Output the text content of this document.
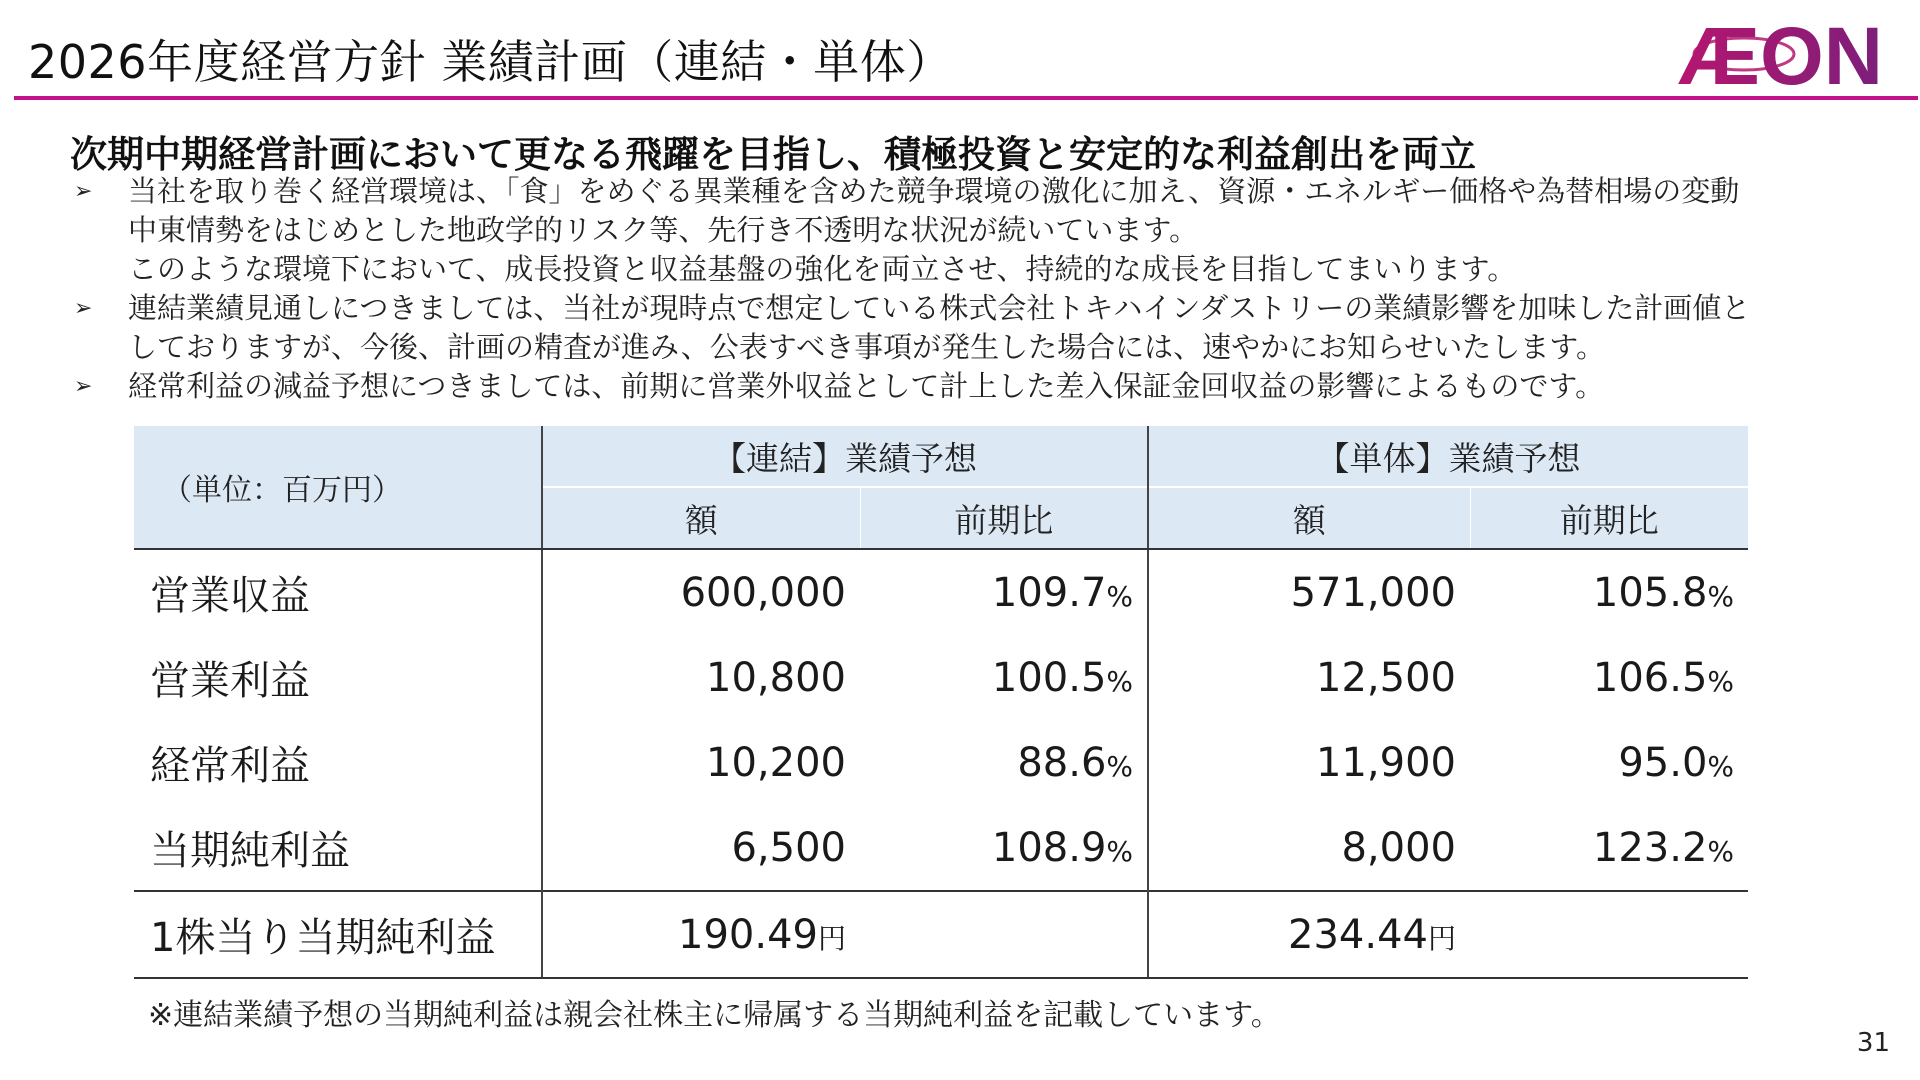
2026年度経営方針 業績計画（連結・単体）	ÆON
次期中期経営計画において更なる飛躍を目指し、積極投資と安定的な利益創出を両立
➢ 当社を取り巻く経営環境は、「食」をめぐる異業種を含めた競争環境の激化に加え、資源・エネルギー価格や為替相場の変動
中東情勢をはじめとした地政学的リスク等、先行き不透明な状況が続いています。
このような環境下において、成長投資と収益基盤の強化を両立させ、持続的な成長を目指してまいります。
➢ 連結業績見通しにつきましては、当社が現時点で想定している株式会社トキハインダストリーの業績影響を加味した計画値と
しておりますが、今後、計画の精査が進み、公表すべき事項が発生した場合には、速やかにお知らせいたします。
➢ 経常利益の減益予想につきましては、前期に営業外収益として計上した差入保証金回収益の影響によるものです。
（単位：百万円）	【連結】業績予想		【単体】業績予想	
	額	前期比	額	前期比
営業収益	600,000	109.7%	571,000	105.8%
営業利益	10,800	100.5%	12,500	106.5%
経常利益	10,200	88.6%	11,900	95.0%
当期純利益	6,500	108.9%	8,000	123.2%
1株当り当期純利益	190.49円		234.44円	
※連結業績予想の当期純利益は親会社株主に帰属する当期純利益を記載しています。
31
